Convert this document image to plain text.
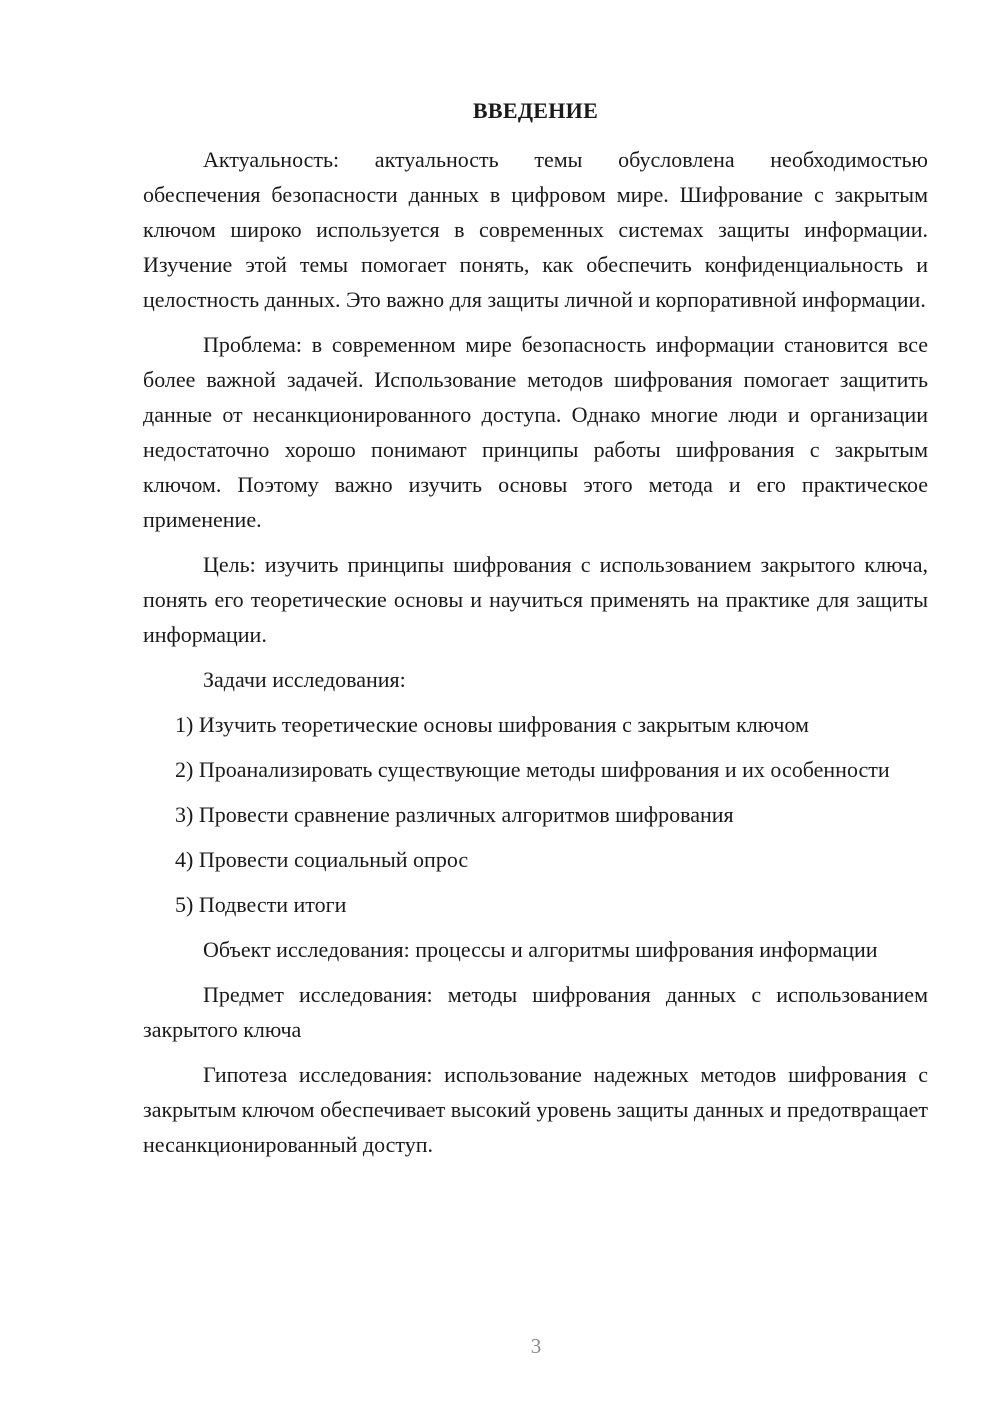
ВВЕДЕНИЕ

Актуальность: актуальность темы обусловлена необходимостью обеспечения безопасности данных в цифровом мире. Шифрование с закрытым ключом широко используется в современных системах защиты информации. Изучение этой темы помогает понять, как обеспечить конфиденциальность и целостность данных. Это важно для защиты личной и корпоративной информации.

Проблема: в современном мире безопасность информации становится все более важной задачей. Использование методов шифрования помогает защитить данные от несанкционированного доступа. Однако многие люди и организации недостаточно хорошо понимают принципы работы шифрования с закрытым ключом. Поэтому важно изучить основы этого метода и его практическое применение.

Цель: изучить принципы шифрования с использованием закрытого ключа, понять его теоретические основы и научиться применять на практике для защиты информации.

Задачи исследования:

1) Изучить теоретические основы шифрования с закрытым ключом

2) Проанализировать существующие методы шифрования и их особенности

3) Провести сравнение различных алгоритмов шифрования

4) Провести социальный опрос

5) Подвести итоги

Объект исследования: процессы и алгоритмы шифрования информации

Предмет исследования: методы шифрования данных с использованием закрытого ключа

Гипотеза исследования: использование надежных методов шифрования с закрытым ключом обеспечивает высокий уровень защиты данных и предотвращает несанкционированный доступ.

3
